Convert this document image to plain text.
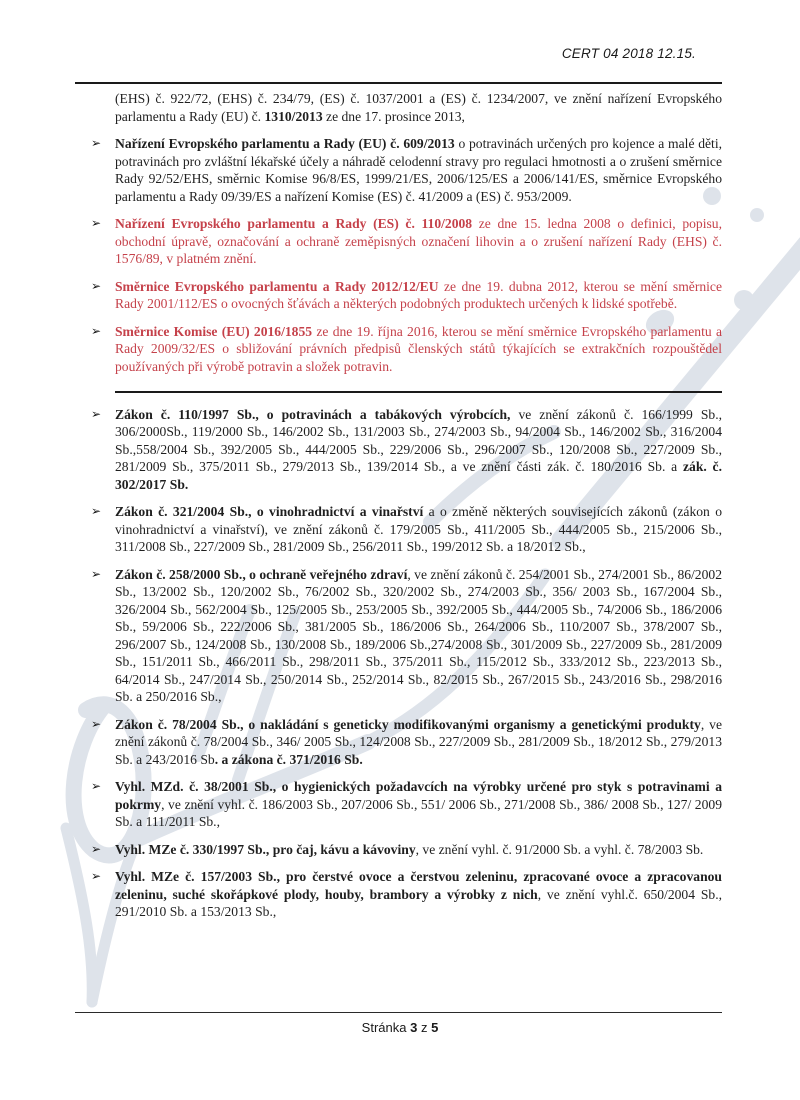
CERT 04 2018 12.15.
(EHS) č. 922/72, (EHS) č. 234/79, (ES) č. 1037/2001 a (ES) č. 1234/2007, ve znění nařízení Evropského parlamentu a Rady (EU) č. 1310/2013 ze dne 17. prosince 2013,
➢ Nařízení Evropského parlamentu a Rady (EU) č. 609/2013 o potravinách určených pro kojence a malé děti, potravinách pro zvláštní lékařské účely a náhradě celodenní stravy pro regulaci hmotnosti a o zrušení směrnice Rady 92/52/EHS, směrnic Komise 96/8/ES, 1999/21/ES, 2006/125/ES a 2006/141/ES, směrnice Evropského parlamentu a Rady 09/39/ES a nařízení Komise (ES) č. 41/2009 a (ES) č. 953/2009.
➢ Nařízení Evropského parlamentu a Rady (ES) č. 110/2008 ze dne 15. ledna 2008 o definici, popisu, obchodní úpravě, označování a ochraně zeměpisných označení lihovin a o zrušení nařízení Rady (EHS) č. 1576/89, v platném znění.
➢ Směrnice Evropského parlamentu a Rady 2012/12/EU ze dne 19. dubna 2012, kterou se mění směrnice Rady 2001/112/ES o ovocných šťávách a některých podobných produktech určených k lidské spotřebě.
➢ Směrnice Komise (EU) 2016/1855 ze dne 19. října 2016, kterou se mění směrnice Evropského parlamentu a Rady 2009/32/ES o sbližování právních předpisů členských států týkajících se extrakčních rozpouštědel používaných při výrobě potravin a složek potravin.
➢ Zákon č. 110/1997 Sb., o potravinách a tabákových výrobcích, ve znění zákonů č. 166/1999 Sb., 306/2000Sb., 119/2000 Sb., 146/2002 Sb., 131/2003 Sb., 274/2003 Sb., 94/2004 Sb., 146/2002 Sb., 316/2004 Sb.,558/2004 Sb., 392/2005 Sb., 444/2005 Sb., 229/2006 Sb., 296/2007 Sb., 120/2008 Sb., 227/2009 Sb., 281/2009 Sb., 375/2011 Sb., 279/2013 Sb., 139/2014 Sb., a ve znění části zák. č. 180/2016 Sb. a zák. č. 302/2017 Sb.
➢ Zákon č. 321/2004 Sb., o vinohradnictví a vinařství a o změně některých souvisejících zákonů (zákon o vinohradnictví a vinařství), ve znění zákonů č. 179/2005 Sb., 411/2005 Sb., 444/2005 Sb., 215/2006 Sb., 311/2008 Sb., 227/2009 Sb., 281/2009 Sb., 256/2011 Sb., 199/2012 Sb. a 18/2012 Sb.,
➢ Zákon č. 258/2000 Sb., o ochraně veřejného zdraví, ve znění zákonů č. 254/2001 Sb., 274/2001 Sb., 86/2002 Sb., 13/2002 Sb., 120/2002 Sb., 76/2002 Sb., 320/2002 Sb., 274/2003 Sb., 356/ 2003 Sb., 167/2004 Sb., 326/2004 Sb., 562/2004 Sb., 125/2005 Sb., 253/2005 Sb., 392/2005 Sb., 444/2005 Sb., 74/2006 Sb., 186/2006 Sb., 59/2006 Sb., 222/2006 Sb., 381/2005 Sb., 186/2006 Sb., 264/2006 Sb., 110/2007 Sb., 378/2007 Sb., 296/2007 Sb., 124/2008 Sb., 130/2008 Sb., 189/2006 Sb.,274/2008 Sb., 301/2009 Sb., 227/2009 Sb., 281/2009 Sb., 151/2011 Sb., 466/2011 Sb., 298/2011 Sb., 375/2011 Sb., 115/2012 Sb., 333/2012 Sb., 223/2013 Sb., 64/2014 Sb., 247/2014 Sb., 250/2014 Sb., 252/2014 Sb., 82/2015 Sb., 267/2015 Sb., 243/2016 Sb., 298/2016 Sb. a 250/2016 Sb.,
➢ Zákon č. 78/2004 Sb., o nakládání s geneticky modifikovanými organismy a genetickými produkty, ve znění zákonů č. 78/2004 Sb., 346/ 2005 Sb., 124/2008 Sb., 227/2009 Sb., 281/2009 Sb., 18/2012 Sb., 279/2013 Sb. a 243/2016 Sb. a zákona č. 371/2016 Sb.
➢ Vyhl. MZd. č. 38/2001 Sb., o hygienických požadavcích na výrobky určené pro styk s potravinami a pokrmy, ve znění vyhl. č. 186/2003 Sb., 207/2006 Sb., 551/ 2006 Sb., 271/2008 Sb., 386/ 2008 Sb., 127/ 2009 Sb. a 111/2011 Sb.,
➢ Vyhl. MZe č. 330/1997 Sb., pro čaj, kávu a kávoviny, ve znění vyhl. č. 91/2000 Sb. a vyhl. č. 78/2003 Sb.
➢ Vyhl. MZe č. 157/2003 Sb., pro čerstvé ovoce a čerstvou zeleninu, zpracované ovoce a zpracovanou zeleninu, suché skořápkové plody, houby, brambory a výrobky z nich, ve znění vyhl.č. 650/2004 Sb., 291/2010 Sb. a 153/2013 Sb.,
Stránka 3 z 5
